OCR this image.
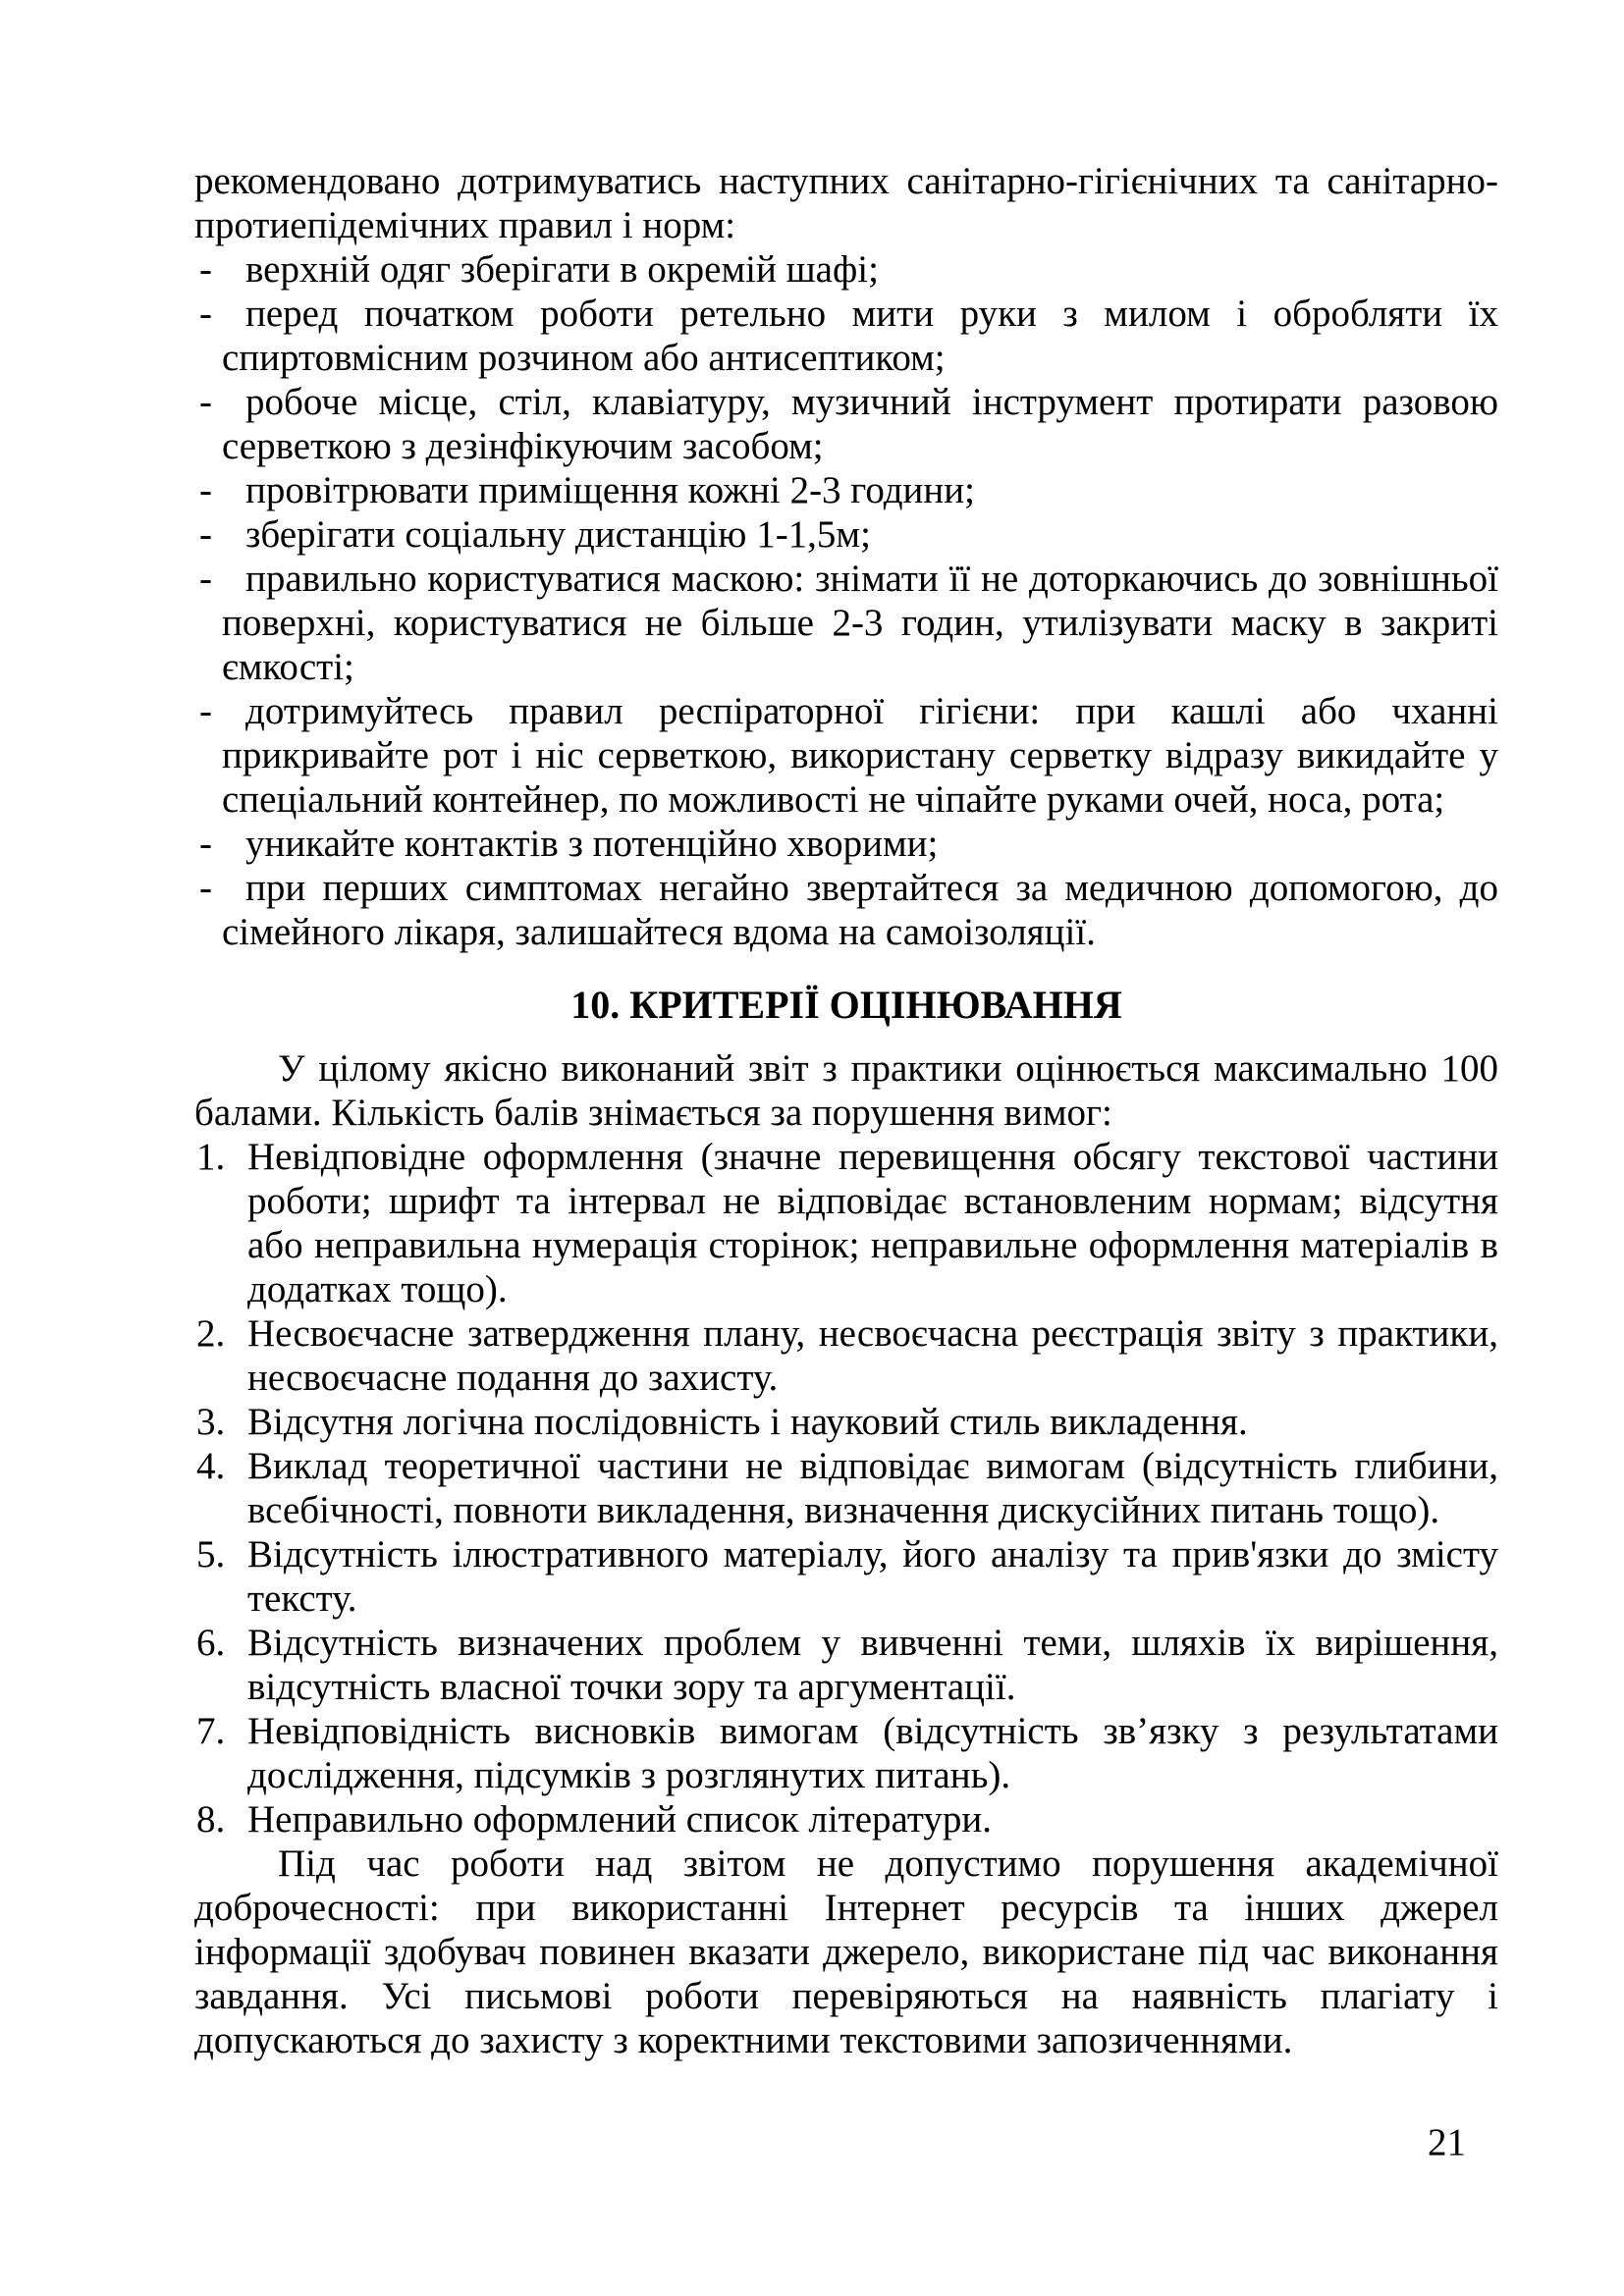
рекомендовано дотримуватись наступних санітарно-гігієнічних та санітарно-протиепідемічних правил і норм:

- верхній одяг зберігати в окремій шафі;

- перед початком роботи ретельно мити руки з милом і обробляти їх спиртовмісним розчином або антисептиком;

- робоче місце, стіл, клавіатуру, музичний інструмент протирати разовою серветкою з дезінфікуючим засобом;

- провітрювати приміщення кожні 2-3 години;

- зберігати соціальну дистанцію 1-1,5м;

- правильно користуватися маскою: знімати її не доторкаючись до зовнішньої поверхні, користуватися не більше 2-3 годин, утилізувати маску в закриті ємкості;

- дотримуйтесь правил респіраторної гігієни: при кашлі або чханні прикривайте рот і ніс серветкою, використану серветку відразу викидайте у спеціальний контейнер, по можливості не чіпайте руками очей, носа, рота;

- уникайте контактів з потенційно хворими;

- при перших симптомах негайно звертайтеся за медичною допомогою, до сімейного лікаря, залишайтеся вдома на самоізоляції.

10. КРИТЕРІЇ ОЦІНЮВАННЯ

У цілому якісно виконаний звіт з практики оцінюється максимально 100 балами. Кількість балів знімається за порушення вимог:

1. Невідповідне оформлення (значне перевищення обсягу текстової частини роботи; шрифт та інтервал не відповідає встановленим нормам; відсутня або неправильна нумерація сторінок; неправильне оформлення матеріалів в додатках тощо).

2. Несвоєчасне затвердження плану, несвоєчасна реєстрація звіту з практики, несвоєчасне подання до захисту.

3. Відсутня логічна послідовність і науковий стиль викладення.

4. Виклад теоретичної частини не відповідає вимогам (відсутність глибини, всебічності, повноти викладення, визначення дискусійних питань тощо).

5. Відсутність ілюстративного матеріалу, його аналізу та прив'язки до змісту тексту.

6. Відсутність визначених проблем у вивченні теми, шляхів їх вирішення, відсутність власної точки зору та аргументації.

7. Невідповідність висновків вимогам (відсутність зв’язку з результатами дослідження, підсумків з розглянутих питань).

8. Неправильно оформлений список літератури.

Під час роботи над звітом не допустимо порушення академічної доброчесності: при використанні Інтернет ресурсів та інших джерел інформації здобувач повинен вказати джерело, використане під час виконання завдання. Усі письмові роботи перевіряються на наявність плагіату і допускаються до захисту з коректними текстовими запозиченнями.

21
